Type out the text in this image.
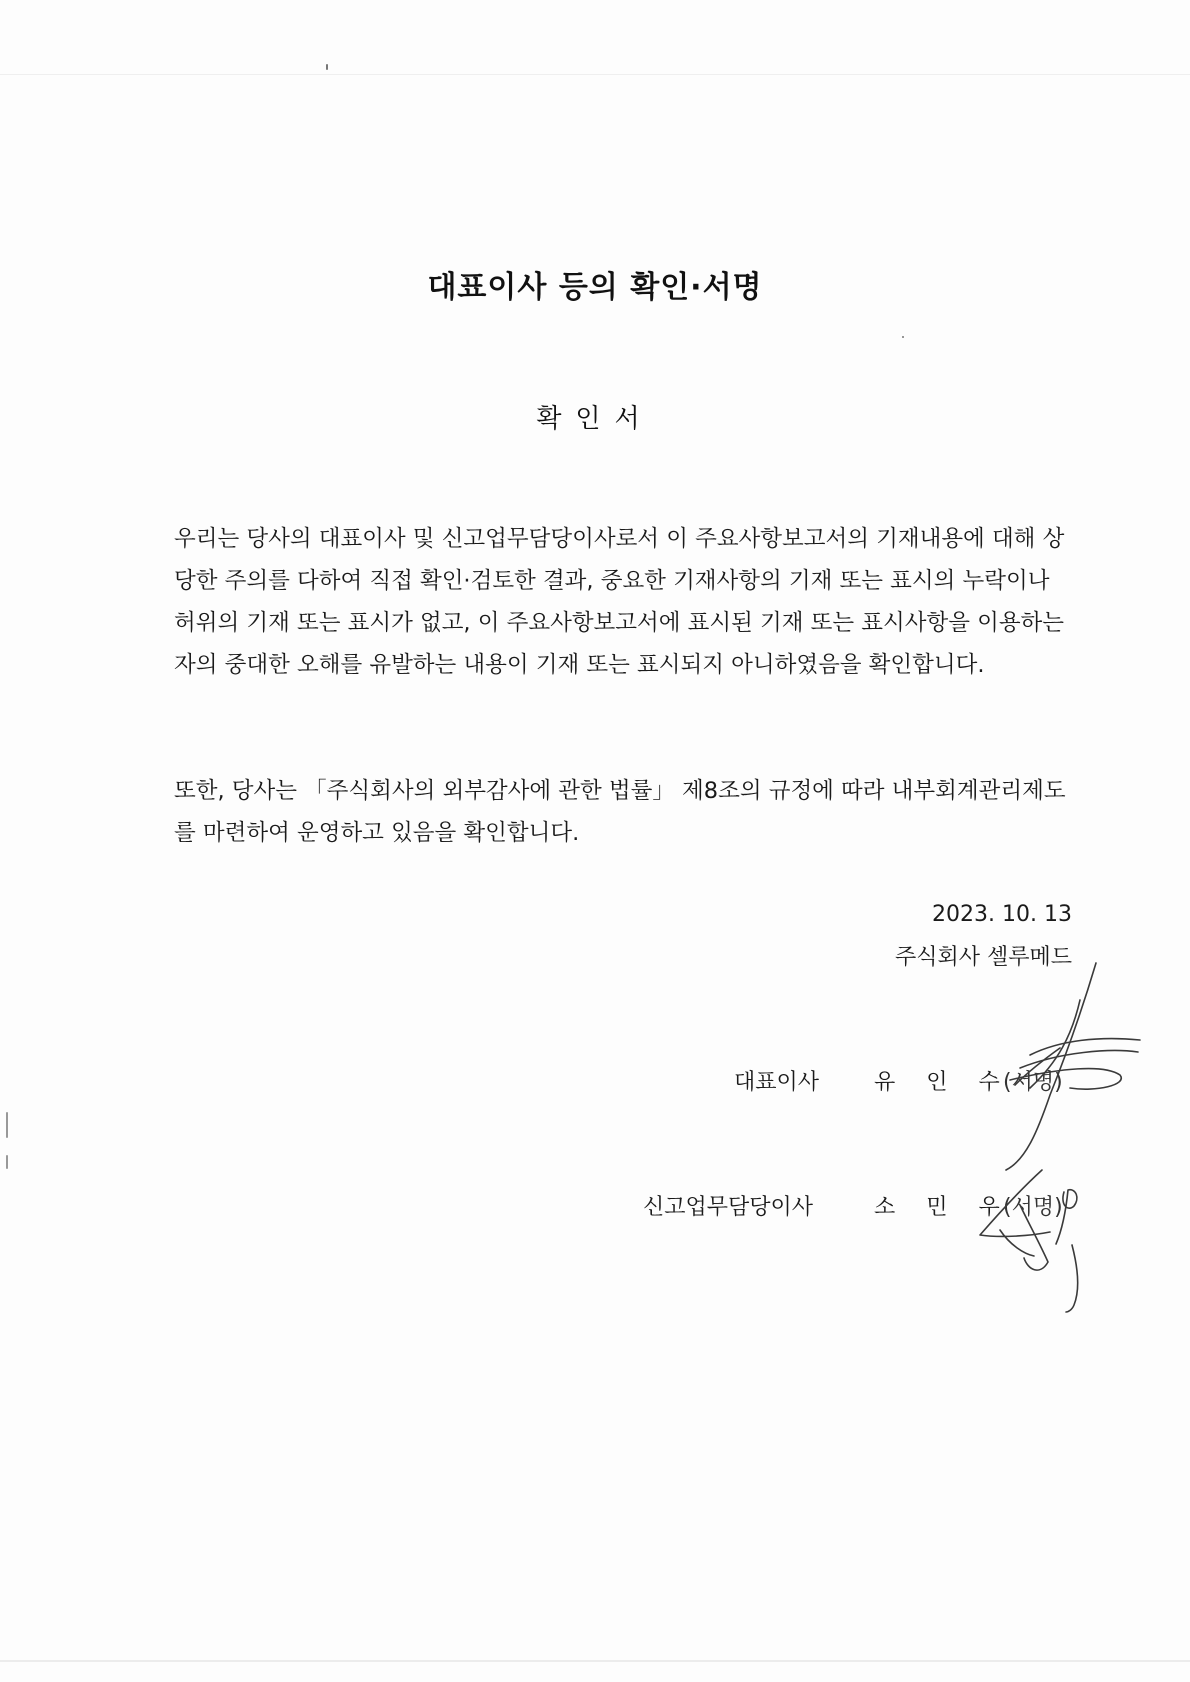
대표이사 등의 확인·서명
확인서

우리는 당사의 대표이사 및 신고업무담당이사로서 이 주요사항보고서의 기재내용에 대해 상당한 주의를 다하여 직접 확인·검토한 결과, 중요한 기재사항의 기재 또는 표시의 누락이나 허위의 기재 또는 표시가 없고, 이 주요사항보고서에 표시된 기재 또는 표시사항을 이용하는 자의 중대한 오해를 유발하는 내용이 기재 또는 표시되지 아니하였음을 확인합니다.

또한, 당사는 「주식회사의 외부감사에 관한 법률」 제8조의 규정에 따라 내부회계관리제도를 마련하여 운영하고 있음을 확인합니다.

2023. 10. 13
주식회사 셀루메드
대표이사 유 인 수
(서명)
신고업무담당이사	소 민 우
(서명)
